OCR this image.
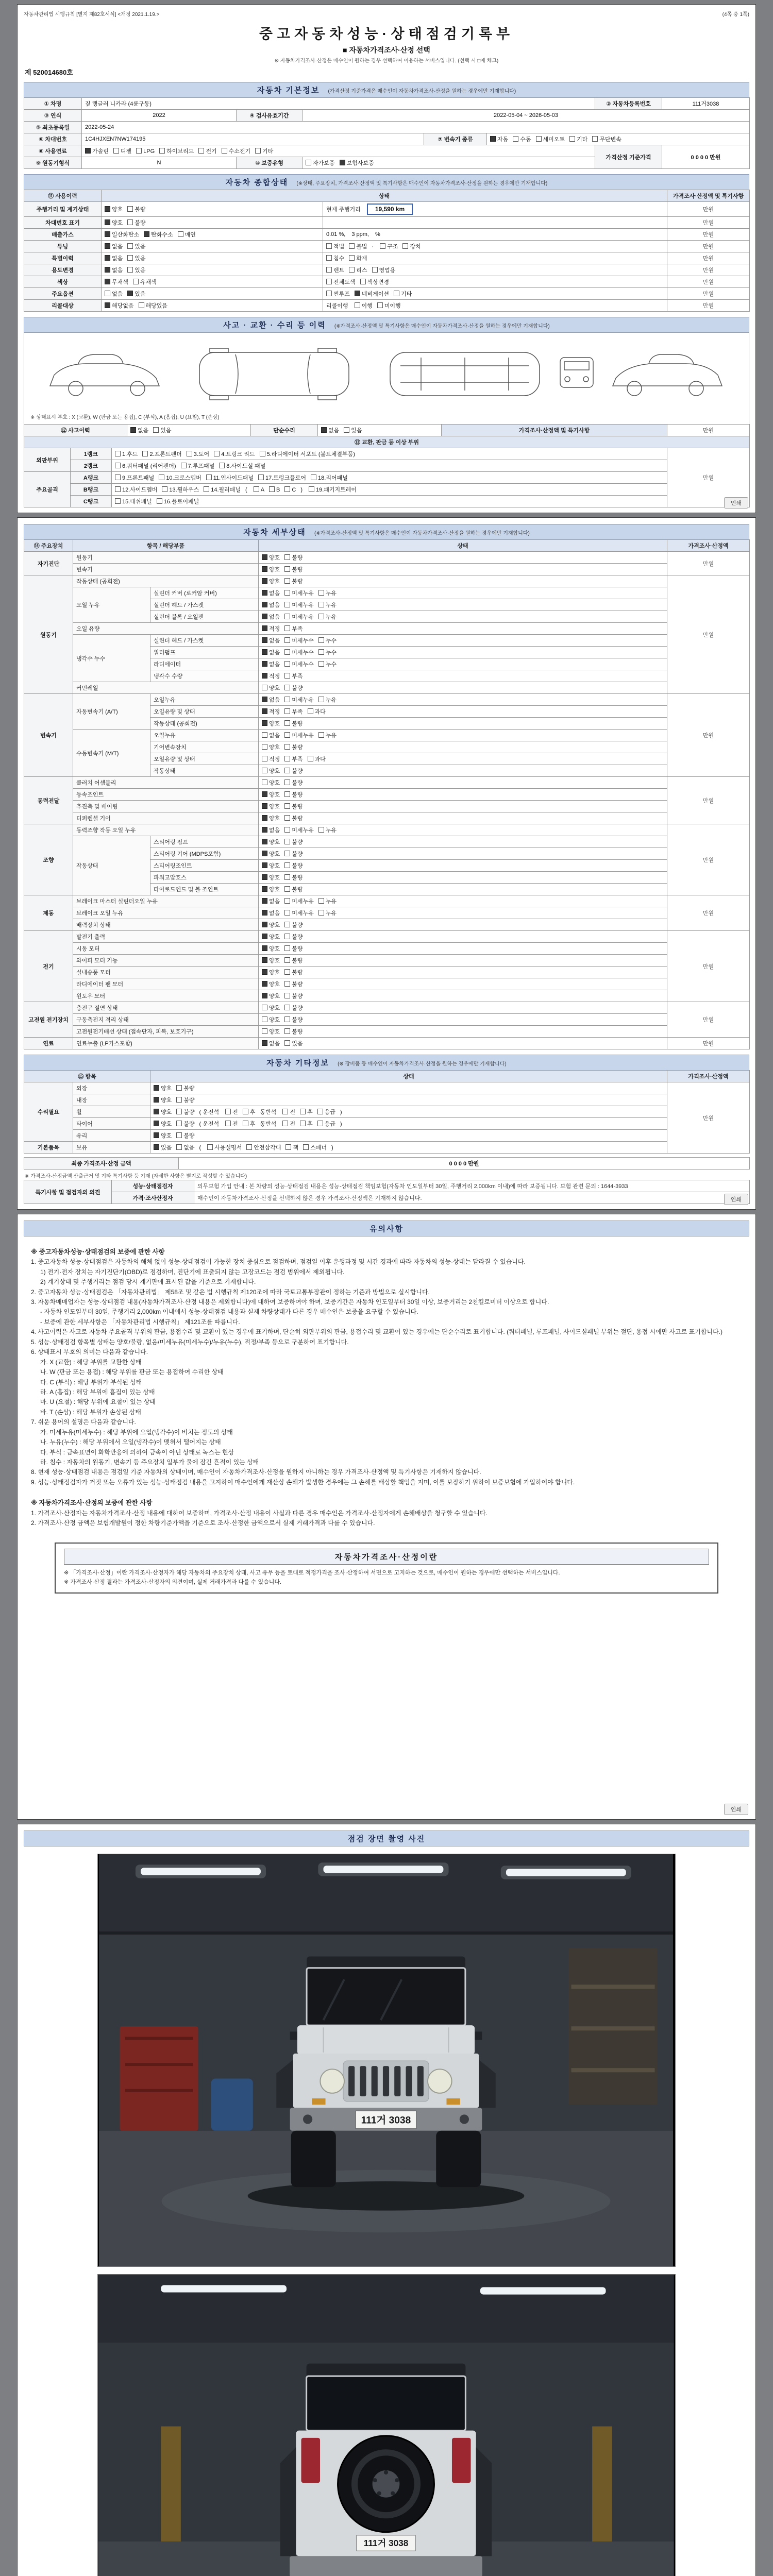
자동차관리법 시행규칙 [별지 제82호서식] <개정 2021.1.19.>	(4쪽 중 1쪽)
중고자동차성능·상태점검기록부
■ 자동차가격조사·산정 선택
※ 자동차가격조사·산정은 매수인이 원하는 경우 선택하여 이용하는 서비스입니다. (선택 시 □에 체크)
제 520014680호
자동차 기본정보 (가격산정 기준가격은 매수인이 자동차가격조사·산정을 원하는 경우에만 기재합니다)
① 차명	짚 랭글러 니카라 (4륜구동)					② 자동차등록번호	111거3038
③ 연식	2022	④ 검사유효기간	2022-05-04 ~ 2026-05-03				
⑤ 최초등록일	2022-05-24						
⑥ 차대번호	1C4HJXEN7NW174195			⑦ 변속기 종류	자동 수동 세미오토 기타 무단변속		
⑧ 사용연료	가솔린 디젤 LPG 하이브리드 전기 수소전기 기타					가격산정 기준가격	0 0 0 0 만원
⑨ 원동기형식	N	⑩ 보증유형	자가보증 보험사보증				
자동차 종합상태 (※상태, 주요장치, 가격조사·산정액 및 특기사항은 매수인이 자동차가격조사·산정을 원하는 경우에만 기재합니다)
⑪ 사용이력	상태		가격조사·산정액 및 특기사항
주행거리 및 계기상태	양호 불량	현재 주행거리 19,590 km	만원
차대번호 표기	양호 불량		만원
배출가스	일산화탄소 탄화수소 매연	0.01 %, 3 ppm, %	만원
튜닝	없음 있음	적법 불법 · 구조 장치	만원
특별이력	없음 있음	침수 화재	만원
용도변경	없음 있음	렌트 리스 영업용	만원
색상	무채색 유채색	전체도색 색상변경	만원
주요옵션	없음 있음	썬루프 네비게이션 기타	만원
리콜대상	해당없음 해당있음	리콜이행 이행 미이행	만원
사고 · 교환 · 수리 등 이력 (※가격조사·산정액 및 특기사항은 매수인이 자동차가격조사·산정을 원하는 경우에만 기재합니다)
※ 상태표시 부호 : X (교환), W (판금 또는 용접), C (부식), A (흠집), U (요철), T (손상)
⑫ 사고이력	없음 있음	단순수리	없음 있음	가격조사·산정액 및 특기사항	만원
⑬ 교환, 판금 등 이상 부위			
외판부위	1랭크	1.후드 2.프론트펜더 3.도어 4.트렁크 리드 5.라디에이터 서포트 (볼트체결부품)	만원
	2랭크	6.쿼터패널 (리어펜더) 7.루프패널 8.사이드실 패널	
주요골격	A랭크	9.프론트패널 10.크로스멤버 11.인사이드패널 17.트렁크플로어 18.리어패널	
	B랭크	12.사이드멤버 13.휠하우스 14.필러패널 ( A B C ) 19.패키지트레이	
	C랭크	15.대쉬패널 16.플로어패널		인쇄
자동차 세부상태 (※가격조사·산정액 및 특기사항은 매수인이 자동차가격조사·산정을 원하는 경우에만 기재합니다)
⑭ 주요장치	항목 / 해당부품		상태	가격조사·산정액
자기진단	원동기		양호 불량	만원
	변속기		양호 불량	
원동기	작동상태 (공회전)		양호 불량	만원
	오일 누유	실린더 커버 (로커암 커버)	없음 미세누유 누유	
		실린더 헤드 / 가스켓	없음 미세누유 누유	
		실린더 블록 / 오일팬	없음 미세누유 누유	
	오일 유량		적정 부족	
	냉각수 누수	실린더 헤드 / 가스켓	없음 미세누수 누수	
		워터펌프	없음 미세누수 누수	
		라디에이터	없음 미세누수 누수	
		냉각수 수량	적정 부족	
	커먼레일		양호 불량	
변속기	자동변속기 (A/T)	오일누유	없음 미세누유 누유	만원
		오일유량 및 상태	적정 부족 과다	
		작동상태 (공회전)	양호 불량	
	수동변속기 (M/T)	오일누유	없음 미세누유 누유	
		기어변속장치	양호 불량	
		오일유량 및 상태	적정 부족 과다	
		작동상태	양호 불량	
동력전달	클러치 어셈블리		양호 불량	만원
	등속조인트		양호 불량	
	추진축 및 베어링		양호 불량	
	디퍼렌셜 기어		양호 불량	
조향	동력조향 작동 오일 누유		없음 미세누유 누유	만원
	작동상태	스티어링 펌프	양호 불량	
		스티어링 기어 (MDPS포함)	양호 불량	
		스티어링조인트	양호 불량	
		파워고압호스	양호 불량	
		타이로드엔드 및 볼 조인트	양호 불량	
제동	브레이크 마스터 실린더오일 누유		없음 미세누유 누유	만원
	브레이크 오일 누유		없음 미세누유 누유	
	배력장치 상태		양호 불량	
전기	발전기 출력		양호 불량	만원
	시동 모터		양호 불량	
	와이퍼 모터 기능		양호 불량	
	실내송풍 모터		양호 불량	
	라디에이터 팬 모터		양호 불량	
	윈도우 모터		양호 불량	
고전원 전기장치	충전구 절연 상태		양호 불량	만원
	구동축전지 격리 상태		양호 불량	
	고전원전기배선 상태 (접속단자, 피복, 보호기구)		양호 불량	
연료	연료누출 (LP가스포함)		없음 있음	만원
자동차 기타정보 (※ 장비품 등 매수인이 자동차가격조사·산정을 원하는 경우에만 기재합니다)
⑮ 항목		상태	가격조사·산정액
수리필요	외장	양호 불량	만원
	내장	양호 불량	
	휠	양호 불량 ( 운전석 전 후 동반석 전 후 응급 )	
	타이어	양호 불량 ( 운전석 전 후 동반석 전 후 응급 )	
	유리	양호 불량	
기본품목	보유	있음 없음 ( 사용설명서 안전삼각대 잭 스패너 )	
최종 가격조사·산정 금액	0 0 0 0 만원
※ 가격조사·산정금액 산출근거 및 기타 특기사항 등 기재 (자세한 사항은 별지로 작성할 수 있습니다)
특기사항 및 점검자의 의견	성능·상태점검자	의무보험 가입 안내 : 본 차량의 성능·상태점검 내용은 성능·상태점검 책임보험(자동차 인도일부터 30일, 주행거리 2,000km 이내)에 따라 보증됩니다. 보험 관련 문의 : 1644-3933
	가격·조사산정자	매수인이 자동차가격조사·산정을 선택하지 않은 경우 가격조사·산정액은 기재하지 않습니다.	인쇄
유의사항
※ 중고자동차성능·상태점검의 보증에 관한 사항
1. 중고자동차 성능·상태점검은 자동차의 해체 없이 성능·상태점검이 가능한 장치 중심으로 점검하며, 점검일 이후 운행과정 및 시간 경과에 따라 자동차의 성능·상태는 달라질 수 있습니다.
1) 전기·전자 장치는 자기진단기(OBD)로 점검하며, 진단기에 표출되지 않는 고장코드는 점검 범위에서 제외됩니다.
2) 계기상태 및 주행거리는 점검 당시 계기판에 표시된 값을 기준으로 기재합니다.
2. 중고자동차 성능·상태점검은 「자동차관리법」 제58조 및 같은 법 시행규칙 제120조에 따라 국토교통부장관이 정하는 기준과 방법으로 실시합니다.
3. 자동차매매업자는 성능·상태점검 내용(자동차가격조사·산정 내용은 제외합니다)에 대하여 보증하여야 하며, 보증기간은 자동차 인도일부터 30일 이상, 보증거리는 2천킬로미터 이상으로 합니다.
- 자동차 인도일부터 30일, 주행거리 2,000km 이내에서 성능·상태점검 내용과 실제 차량상태가 다른 경우 매수인은 보증을 요구할 수 있습니다.
- 보증에 관한 세부사항은 「자동차관리법 시행규칙」 제121조를 따릅니다.
4. 사고이력은 사고로 자동차 주요골격 부위의 판금, 용접수리 및 교환이 있는 경우에 표기하며, 단순히 외판부위의 판금, 용접수리 및 교환이 있는 경우에는 단순수리로 표기합니다. (쿼터패널, 루프패널, 사이드실패널 부위는 절단, 용접 시에만 사고로 표기합니다.)
5. 성능·상태점검 항목별 상태는 양호/불량, 없음/미세누유(미세누수)/누유(누수), 적정/부족 등으로 구분하여 표기합니다.
6. 상태표시 부호의 의미는 다음과 같습니다.
가. X (교환) : 해당 부위를 교환한 상태
나. W (판금 또는 용접) : 해당 부위를 판금 또는 용접하여 수리한 상태
다. C (부식) : 해당 부위가 부식된 상태
라. A (흠집) : 해당 부위에 흠집이 있는 상태
마. U (요철) : 해당 부위에 요철이 있는 상태
바. T (손상) : 해당 부위가 손상된 상태
7. 쉬운 용어의 설명은 다음과 같습니다.
가. 미세누유(미세누수) : 해당 부위에 오일(냉각수)이 비치는 정도의 상태
나. 누유(누수) : 해당 부위에서 오일(냉각수)이 맺혀서 떨어지는 상태
다. 부식 : 금속표면이 화학반응에 의하여 금속이 아닌 상태로 녹스는 현상
라. 침수 : 자동차의 원동기, 변속기 등 주요장치 일부가 물에 잠긴 흔적이 있는 상태
8. 현재 성능·상태점검 내용은 점검일 기준 자동차의 상태이며, 매수인이 자동차가격조사·산정을 원하지 아니하는 경우 가격조사·산정액 및 특기사항은 기재하지 않습니다.
9. 성능·상태점검자가 거짓 또는 오류가 있는 성능·상태점검 내용을 고지하여 매수인에게 재산상 손해가 발생한 경우에는 그 손해를 배상할 책임을 지며, 이를 보장하기 위하여 보증보험에 가입하여야 합니다.
※ 자동차가격조사·산정의 보증에 관한 사항
1. 가격조사·산정자는 자동차가격조사·산정 내용에 대하여 보증하며, 가격조사·산정 내용이 사실과 다른 경우 매수인은 가격조사·산정자에게 손해배상을 청구할 수 있습니다.
2. 가격조사·산정 금액은 보험개발원이 정한 차량기준가액을 기준으로 조사·산정한 금액으로서 실제 거래가격과 다를 수 있습니다.
자동차가격조사·산정이란
※ 「가격조사·산정」이란 가격조사·산정자가 해당 자동차의 주요장치 상태, 사고 유무 등을 토대로 적정가격을 조사·산정하여 서면으로 고지하는 것으로, 매수인이 원하는 경우에만 선택하는 서비스입니다.
※ 가격조사·산정 결과는 가격조사·산정자의 의견이며, 실제 거래가격과 다를 수 있습니다.
인쇄
점검 장면 촬영 사진
111거 3038
111거 3038
